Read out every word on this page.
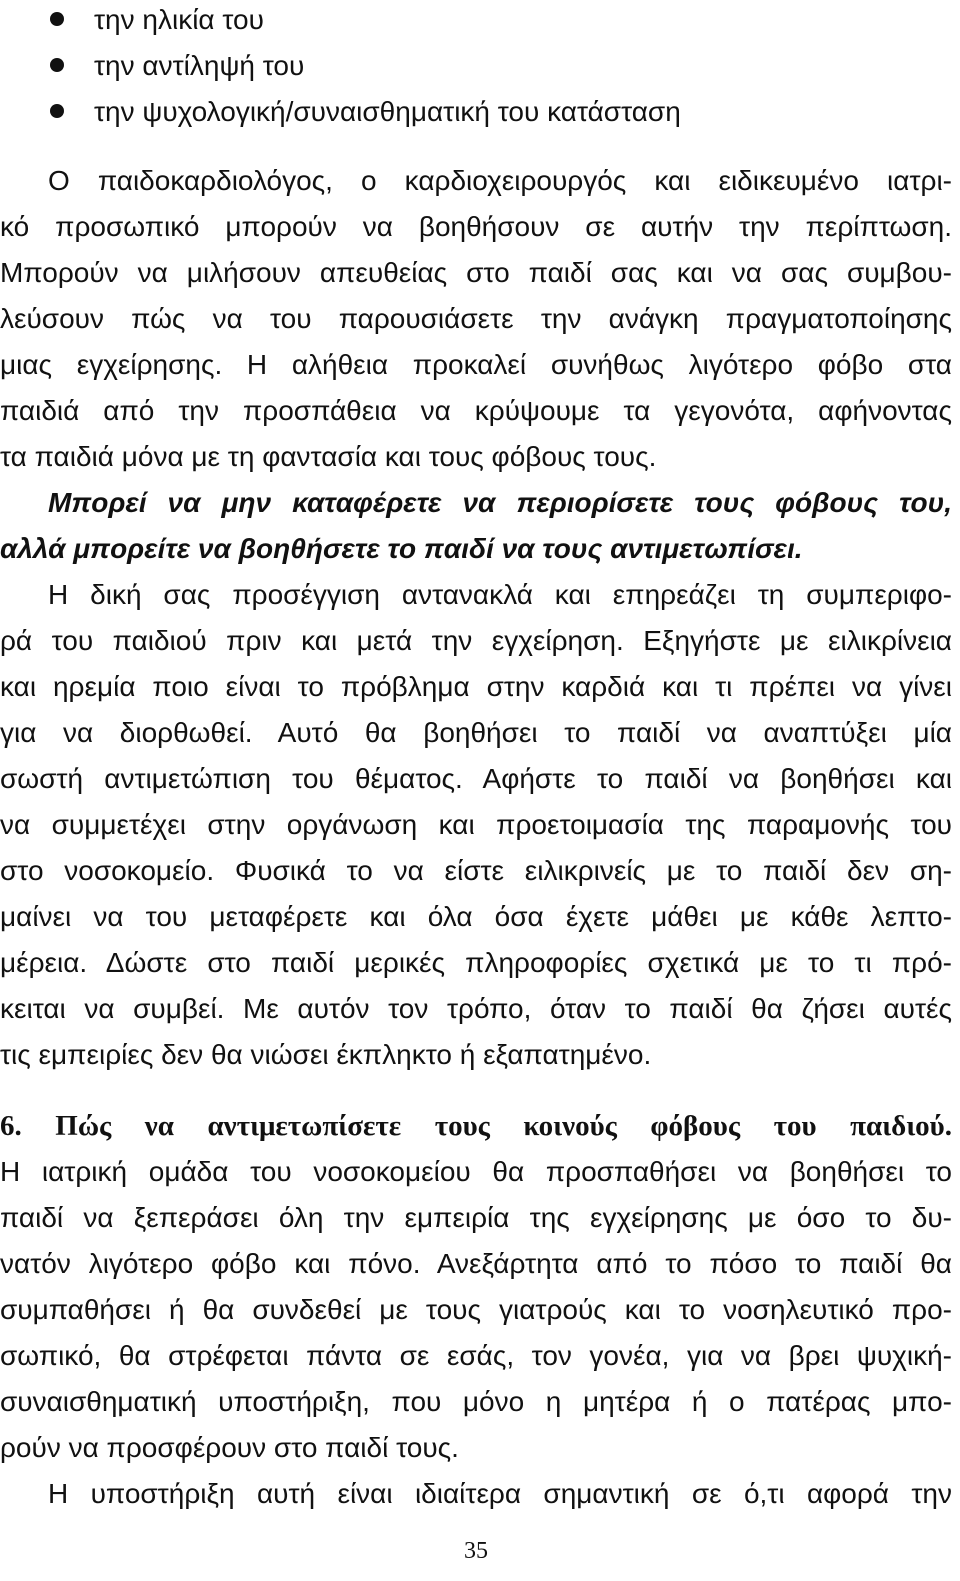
την ηλικία του
την αντίληψή του
την ψυχολογική/συναισθηματική του κατάσταση
Ο παιδοκαρδιολόγος, ο καρδιοχειρουργός και ειδικευμένο ιατρι-
κό προσωπικό μπορούν να βοηθήσουν σε αυτήν την περίπτωση.
Μπορούν να μιλήσουν απευθείας στο παιδί σας και να σας συμβου-
λεύσουν πώς να του παρουσιάσετε την ανάγκη πραγματοποίησης
μιας εγχείρησης. Η αλήθεια προκαλεί συνήθως λιγότερο φόβο στα
παιδιά από την προσπάθεια να κρύψουμε τα γεγονότα, αφήνοντας
τα παιδιά μόνα με τη φαντασία και τους φόβους τους.
Μπορεί να μην καταφέρετε να περιορίσετε τους φόβους του,
αλλά μπορείτε να βοηθήσετε το παιδί να τους αντιμετωπίσει.
Η δική σας προσέγγιση αντανακλά και επηρεάζει τη συμπεριφο-
ρά του παιδιού πριν και μετά την εγχείρηση. Εξηγήστε με ειλικρίνεια
και ηρεμία ποιο είναι το πρόβλημα στην καρδιά και τι πρέπει να γίνει
για να διορθωθεί. Αυτό θα βοηθήσει το παιδί να αναπτύξει μία
σωστή αντιμετώπιση του θέματος. Αφήστε το παιδί να βοηθήσει και
να συμμετέχει στην οργάνωση και προετοιμασία της παραμονής του
στο νοσοκομείο. Φυσικά το να είστε ειλικρινείς με το παιδί δεν ση-
μαίνει να του μεταφέρετε και όλα όσα έχετε μάθει με κάθε λεπτο-
μέρεια. Δώστε στο παιδί μερικές πληροφορίες σχετικά με το τι πρό-
κειται να συμβεί. Με αυτόν τον τρόπο, όταν το παιδί θα ζήσει αυτές
τις εμπειρίες δεν θα νιώσει έκπληκτο ή εξαπατημένο.
6. Πώς να αντιμετωπίσετε τους κοινούς φόβους του παιδιού.
Η ιατρική ομάδα του νοσοκομείου θα προσπαθήσει να βοηθήσει το
παιδί να ξεπεράσει όλη την εμπειρία της εγχείρησης με όσο το δυ-
νατόν λιγότερο φόβο και πόνο. Ανεξάρτητα από το πόσο το παιδί θα
συμπαθήσει ή θα συνδεθεί με τους γιατρούς και το νοσηλευτικό προ-
σωπικό, θα στρέφεται πάντα σε εσάς, τον γονέα, για να βρει ψυχική-
συναισθηματική υποστήριξη, που μόνο η μητέρα ή ο πατέρας μπο-
ρούν να προσφέρουν στο παιδί τους.
Η υποστήριξη αυτή είναι ιδιαίτερα σημαντική σε ό,τι αφορά την
35
